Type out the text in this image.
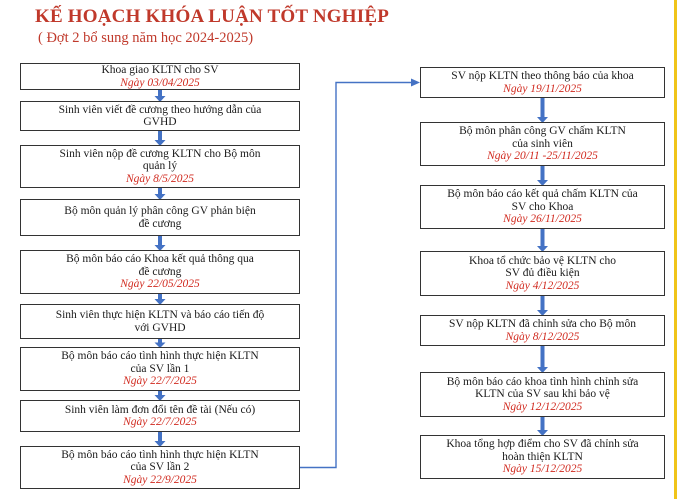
KẾ HOẠCH KHÓA LUẬN TỐT NGHIỆP
( Đợt 2 bổ sung năm học 2024-2025)
Khoa giao KLTN cho SV
Ngày 03/04/2025
Sinh viên viết đề cương theo hướng dẫn của
GVHD
Sinh viên nộp đề cương KLTN cho Bộ môn
quản lý
Ngày 8/5/2025
Bộ môn quản lý phân công GV phản biện
đề cương
Bộ môn báo cáo Khoa kết quả thông qua
đề cương
Ngày 22/05/2025
Sinh viên thực hiện KLTN và báo cáo tiến độ
với GVHD
Bộ môn báo cáo tình hình thực hiện KLTN
của SV lần 1
Ngày 22/7/2025
Sinh viên làm đơn đổi tên đề tài (Nếu có)
Ngày 22/7/2025
Bộ môn báo cáo tình hình thực hiện KLTN
của SV lần 2
Ngày 22/9/2025
SV nộp KLTN theo thông báo của khoa
Ngày 19/11/2025
Bộ môn phân công GV chấm KLTN
của sinh viên
Ngày 20/11 -25/11/2025
Bộ môn báo cáo kết quả chấm KLTN của
SV cho Khoa
Ngày 26/11/2025
Khoa tổ chức bảo vệ KLTN cho
SV đủ điều kiện
Ngày 4/12/2025
SV nộp KLTN đã chỉnh sửa cho Bộ môn
Ngày 8/12/2025
Bộ môn báo cáo khoa tình hình chỉnh sửa
KLTN của SV sau khi bảo vệ
Ngày 12/12/2025
Khoa tổng hợp điểm cho SV đã chỉnh sửa
hoàn thiện KLTN
Ngày 15/12/2025
